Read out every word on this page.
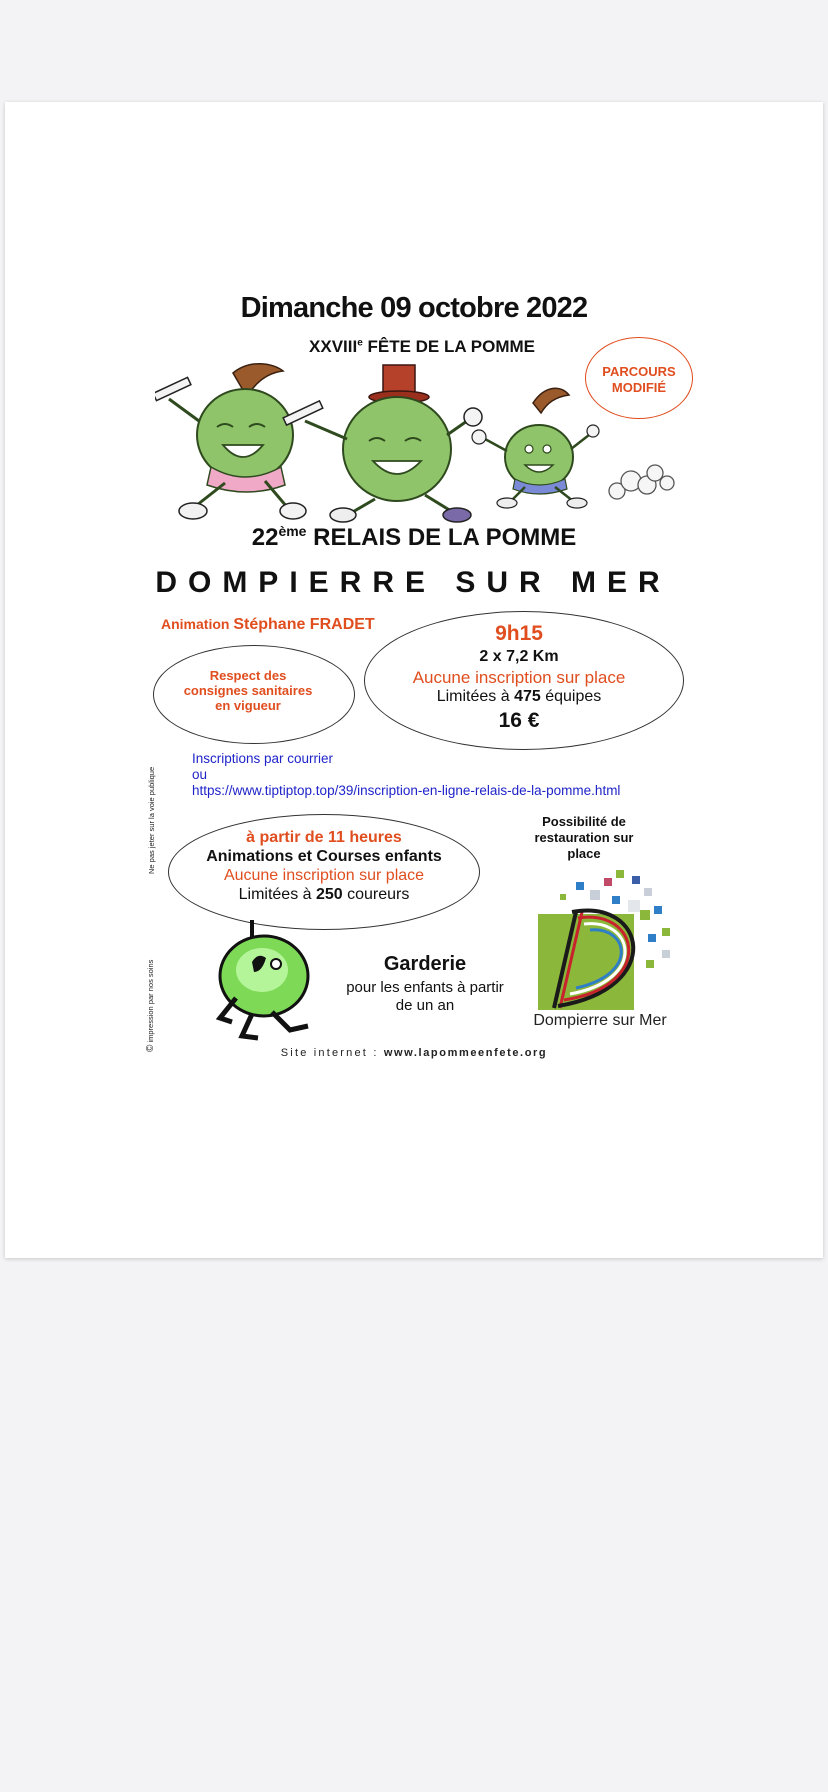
Dimanche 09 octobre 2022
XXVIIIe FÊTE DE LA POMME
PARCOURS
MODIFIÉ
22ème RELAIS DE LA POMME
DOMPIERRE SUR MER
Animation Stéphane FRADET
Respect des
consignes sanitaires
en vigueur
9h15
2 x 7,2 Km
Aucune inscription sur place
Limitées à 475 équipes
16 €
Ne pas jeter sur la voie publique
© impression par nos soins
Inscriptions par courrier
ou
https://www.tiptiptop.top/39/inscription-en-ligne-relais-de-la-pomme.html
à partir de 11 heures
Animations et Courses enfants
Aucune inscription sur place
Limitées à 250 coureurs
Possibilité de
restauration sur
place
Garderie
pour les enfants à partir
de un an
Dompierre sur Mer
Site internet : www.lapommeenfete.org
